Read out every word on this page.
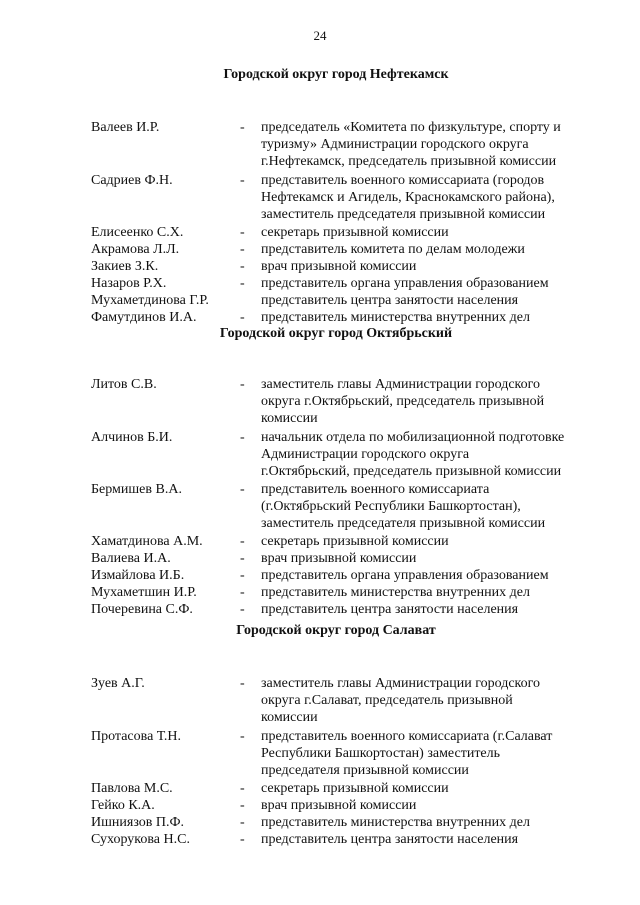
24
Городской округ город Нефтекамск
Валеев И.Р.	- председатель «Комитета по физкультуре, спорту и
туризму» Администрации городского округа
г.Нефтекамск, председатель призывной комиссии
Садриев Ф.Н.	- представитель военного комиссариата (городов
Нефтекамск и Агидель, Краснокамского района),
заместитель председателя призывной комиссии
Елисеенко С.Х.	- секретарь призывной комиссии
Акрамова Л.Л.	- представитель комитета по делам молодежи
Закиев З.К.	- врач призывной комиссии
Назаров Р.Х.	- представитель органа управления образованием
Мухаметдинова Г.Р.	представитель центра занятости населения
Фамутдинов И.А.	- представитель министерства внутренних дел
Городской округ город Октябрьский
Литов С.В.	- заместитель главы Администрации городского
округа г.Октябрьский, председатель призывной
комиссии
Алчинов Б.И.	- начальник отдела по мобилизационной подготовке
Администрации городского округа
г.Октябрьский, председатель призывной комиссии
Бермишев В.А.	- представитель военного комиссариата
(г.Октябрьский Республики Башкортостан),
заместитель председателя призывной комиссии
Хаматдинова А.М.	- секретарь призывной комиссии
Валиева И.А.	- врач призывной комиссии
Измайлова И.Б.	- представитель органа управления образованием
Мухаметшин И.Р.	- представитель министерства внутренних дел
Почеревина С.Ф.	- представитель центра занятости населения
Городской округ город Салават
Зуев А.Г.	- заместитель главы Администрации городского
округа г.Салават, председатель призывной
комиссии
Протасова Т.Н.	- представитель военного комиссариата (г.Салават
Республики Башкортостан) заместитель
председателя призывной комиссии
Павлова М.С.	- секретарь призывной комиссии
Гейко К.А.	- врач призывной комиссии
Ишниязов П.Ф.	- представитель министерства внутренних дел
Сухорукова Н.С.	- представитель центра занятости населения
